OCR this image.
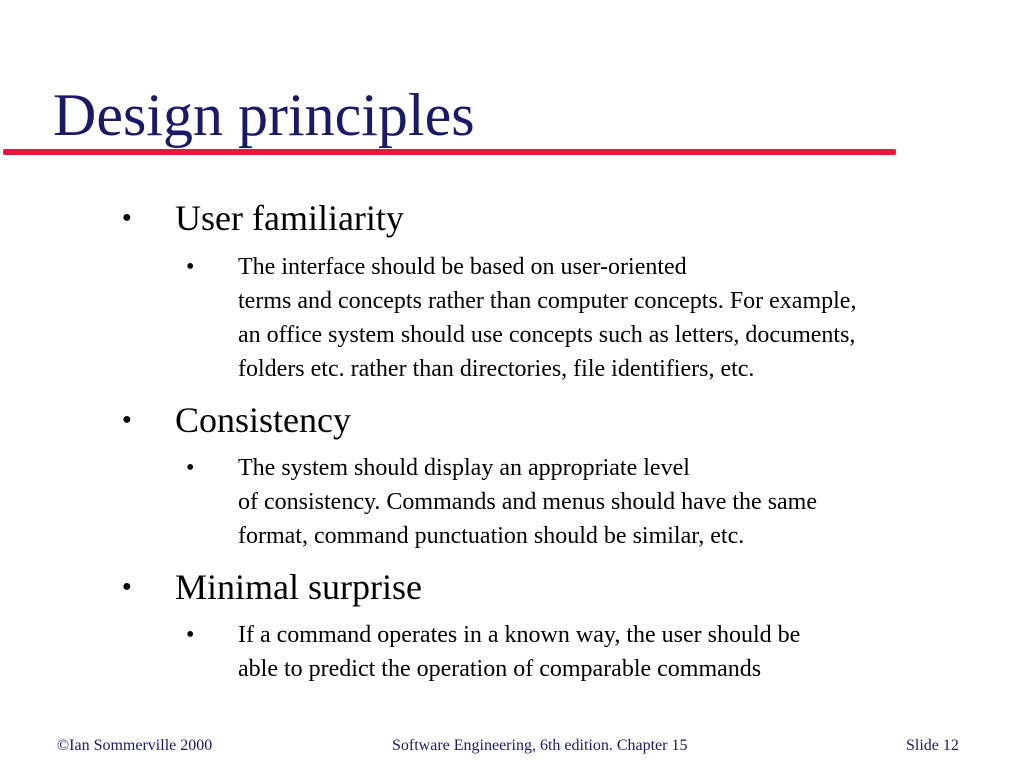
Design principles
● User familiarity
• The interface should be based on user-oriented
terms and concepts rather than computer concepts. For example,
an office system should use concepts such as letters, documents,
folders etc. rather than directories, file identifiers, etc.
● Consistency
• The system should display an appropriate level
of consistency. Commands and menus should have the same
format, command punctuation should be similar, etc.
● Minimal surprise
• If a command operates in a known way, the user should be
able to predict the operation of comparable commands
©Ian Sommerville 2000	Software Engineering, 6th edition. Chapter 15	Slide 12
